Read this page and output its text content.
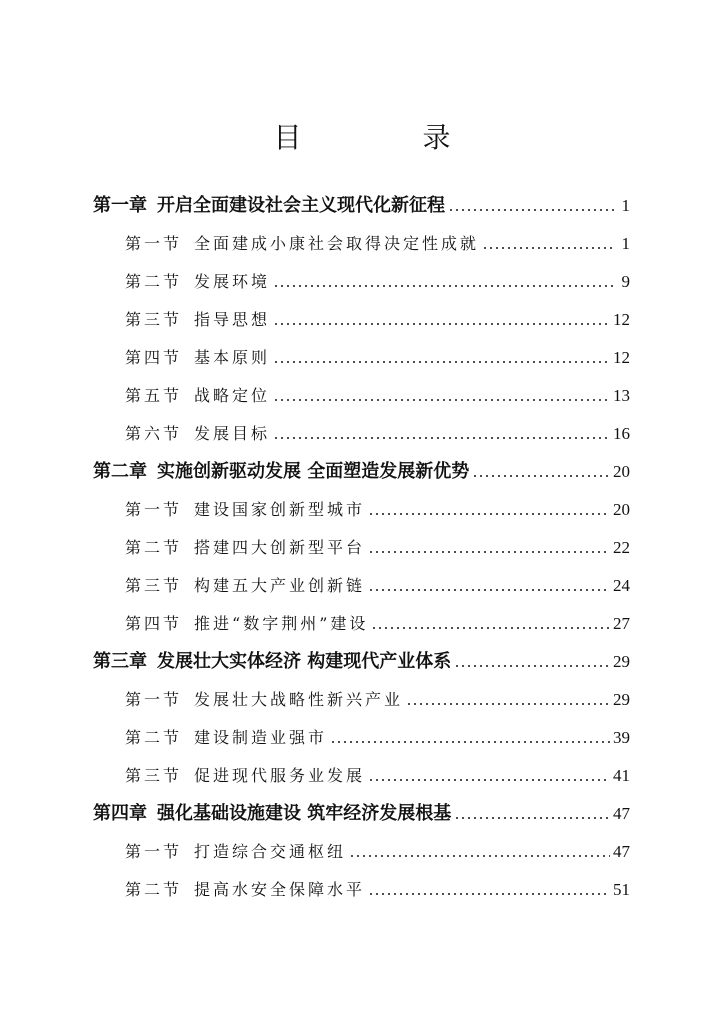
目 录
第一章 开启全面建设社会主义现代化新征程	1
第一节 全面建成小康社会取得决定性成就	1
第二节 发展环境	9
第三节 指导思想	12
第四节 基本原则	12
第五节 战略定位	13
第六节 发展目标	16
第二章 实施创新驱动发展 全面塑造发展新优势	20
第一节 建设国家创新型城市	20
第二节 搭建四大创新型平台	22
第三节 构建五大产业创新链	24
第四节 推进“数字荆州”建设	27
第三章 发展壮大实体经济 构建现代产业体系	29
第一节 发展壮大战略性新兴产业	29
第二节 建设制造业强市	39
第三节 促进现代服务业发展	41
第四章 强化基础设施建设 筑牢经济发展根基	47
第一节 打造综合交通枢纽	47
第二节 提高水安全保障水平	51
